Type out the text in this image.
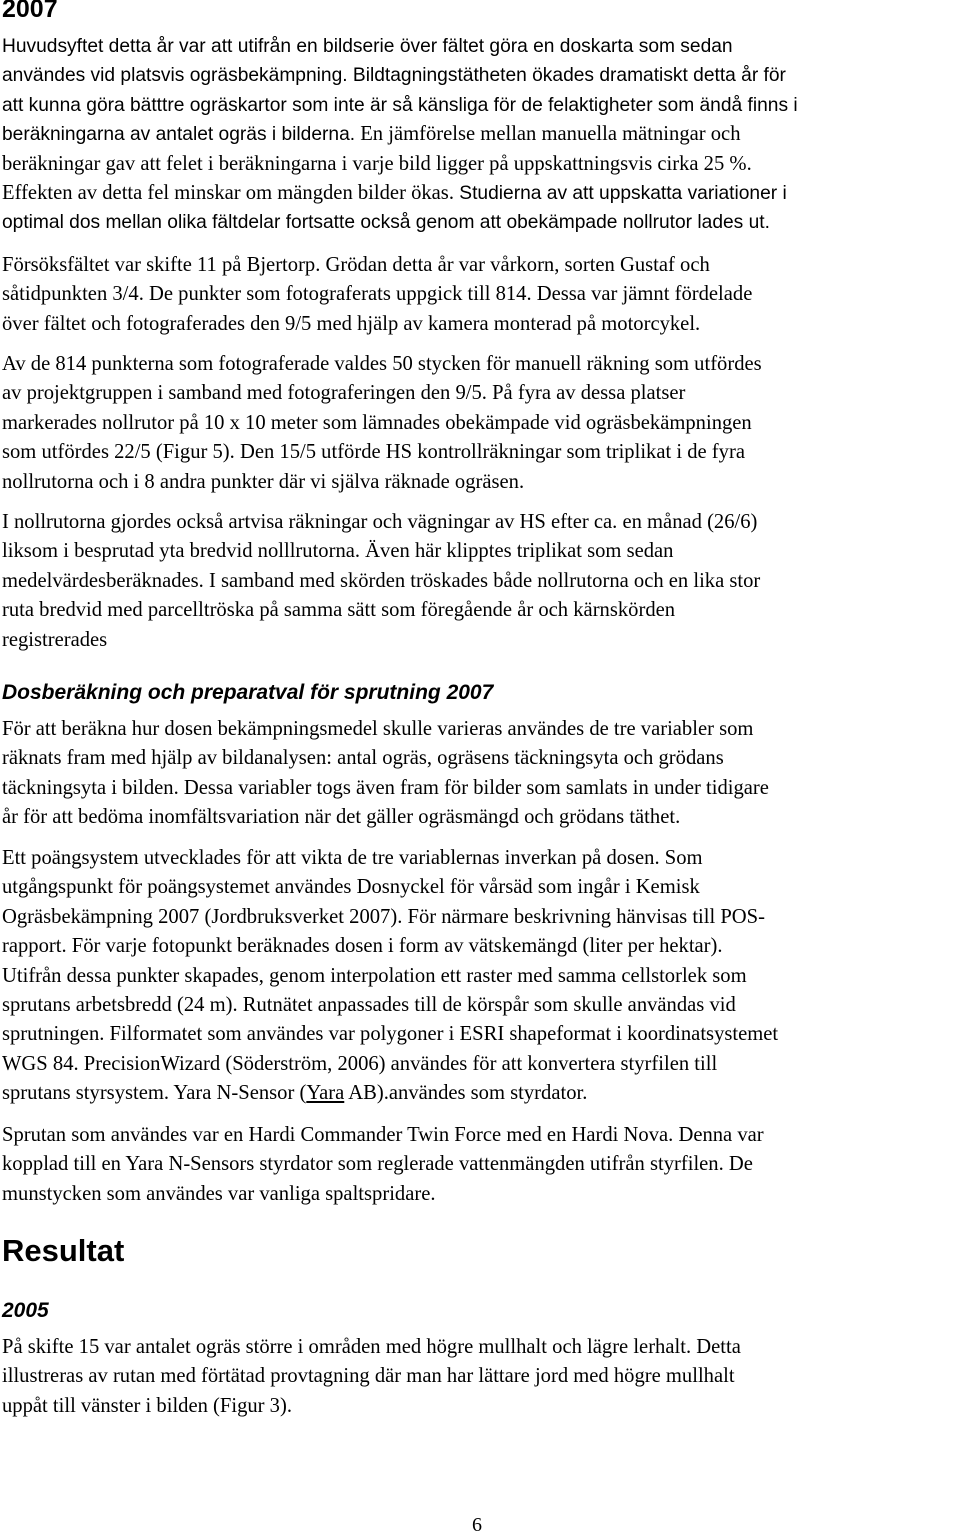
2007

Huvudsyftet detta år var att utifrån en bildserie över fältet göra en doskarta som sedan
användes vid platsvis ogräsbekämpning. Bildtagningstätheten ökades dramatiskt detta år för
att kunna göra bätttre ogräskartor som inte är så känsliga för de felaktigheter som ändå finns i
beräkningarna av antalet ogräs i bilderna. En jämförelse mellan manuella mätningar och
beräkningar gav att felet i beräkningarna i varje bild ligger på uppskattningsvis cirka 25 %.
Effekten av detta fel minskar om mängden bilder ökas. Studierna av att uppskatta variationer i
optimal dos mellan olika fältdelar fortsatte också genom att obekämpade nollrutor lades ut.

Försöksfältet var skifte 11 på Bjertorp. Grödan detta år var vårkorn, sorten Gustaf och
såtidpunkten 3/4. De punkter som fotograferats uppgick till 814. Dessa var jämnt fördelade
över fältet och fotograferades den 9/5 med hjälp av kamera monterad på motorcykel.

Av de 814 punkterna som fotograferade valdes 50 stycken för manuell räkning som utfördes
av projektgruppen i samband med fotograferingen den 9/5. På fyra av dessa platser
markerades nollrutor på 10 x 10 meter som lämnades obekämpade vid ogräsbekämpningen
som utfördes 22/5 (Figur 5). Den 15/5 utförde HS kontrollräkningar som triplikat i de fyra
nollrutorna och i 8 andra punkter där vi själva räknade ogräsen.

I nollrutorna gjordes också artvisa räkningar och vägningar av HS efter ca. en månad (26/6)
liksom i besprutad yta bredvid nolllrutorna. Även här klipptes triplikat som sedan
medelvärdesberäknades. I samband med skörden tröskades både nollrutorna och en lika stor
ruta bredvid med parcelltröska på samma sätt som föregående år och kärnskörden
registrerades

Dosberäkning och preparatval för sprutning 2007

För att beräkna hur dosen bekämpningsmedel skulle varieras användes de tre variabler som
räknats fram med hjälp av bildanalysen: antal ogräs, ogräsens täckningsyta och grödans
täckningsyta i bilden. Dessa variabler togs även fram för bilder som samlats in under tidigare
år för att bedöma inomfältsvariation när det gäller ogräsmängd och grödans täthet.

Ett poängsystem utvecklades för att vikta de tre variablernas inverkan på dosen. Som
utgångspunkt för poängsystemet användes Dosnyckel för vårsäd som ingår i Kemisk
Ogräsbekämpning 2007 (Jordbruksverket 2007). För närmare beskrivning hänvisas till POS-
rapport. För varje fotopunkt beräknades dosen i form av vätskemängd (liter per hektar).
Utifrån dessa punkter skapades, genom interpolation ett raster med samma cellstorlek som
sprutans arbetsbredd (24 m). Rutnätet anpassades till de körspår som skulle användas vid
sprutningen. Filformatet som användes var polygoner i ESRI shapeformat i koordinatsystemet
WGS 84. PrecisionWizard (Söderström, 2006) användes för att konvertera styrfilen till
sprutans styrsystem. Yara N-Sensor (Yara AB).användes som styrdator.

Sprutan som användes var en Hardi Commander Twin Force med en Hardi Nova. Denna var
kopplad till en Yara N-Sensors styrdator som reglerade vattenmängden utifrån styrfilen. De
munstycken som användes var vanliga spaltspridare.

Resultat
2005

På skifte 15 var antalet ogräs större i områden med högre mullhalt och lägre lerhalt. Detta
illustreras av rutan med förtätad provtagning där man har lättare jord med högre mullhalt
uppåt till vänster i bilden (Figur 3).

6
